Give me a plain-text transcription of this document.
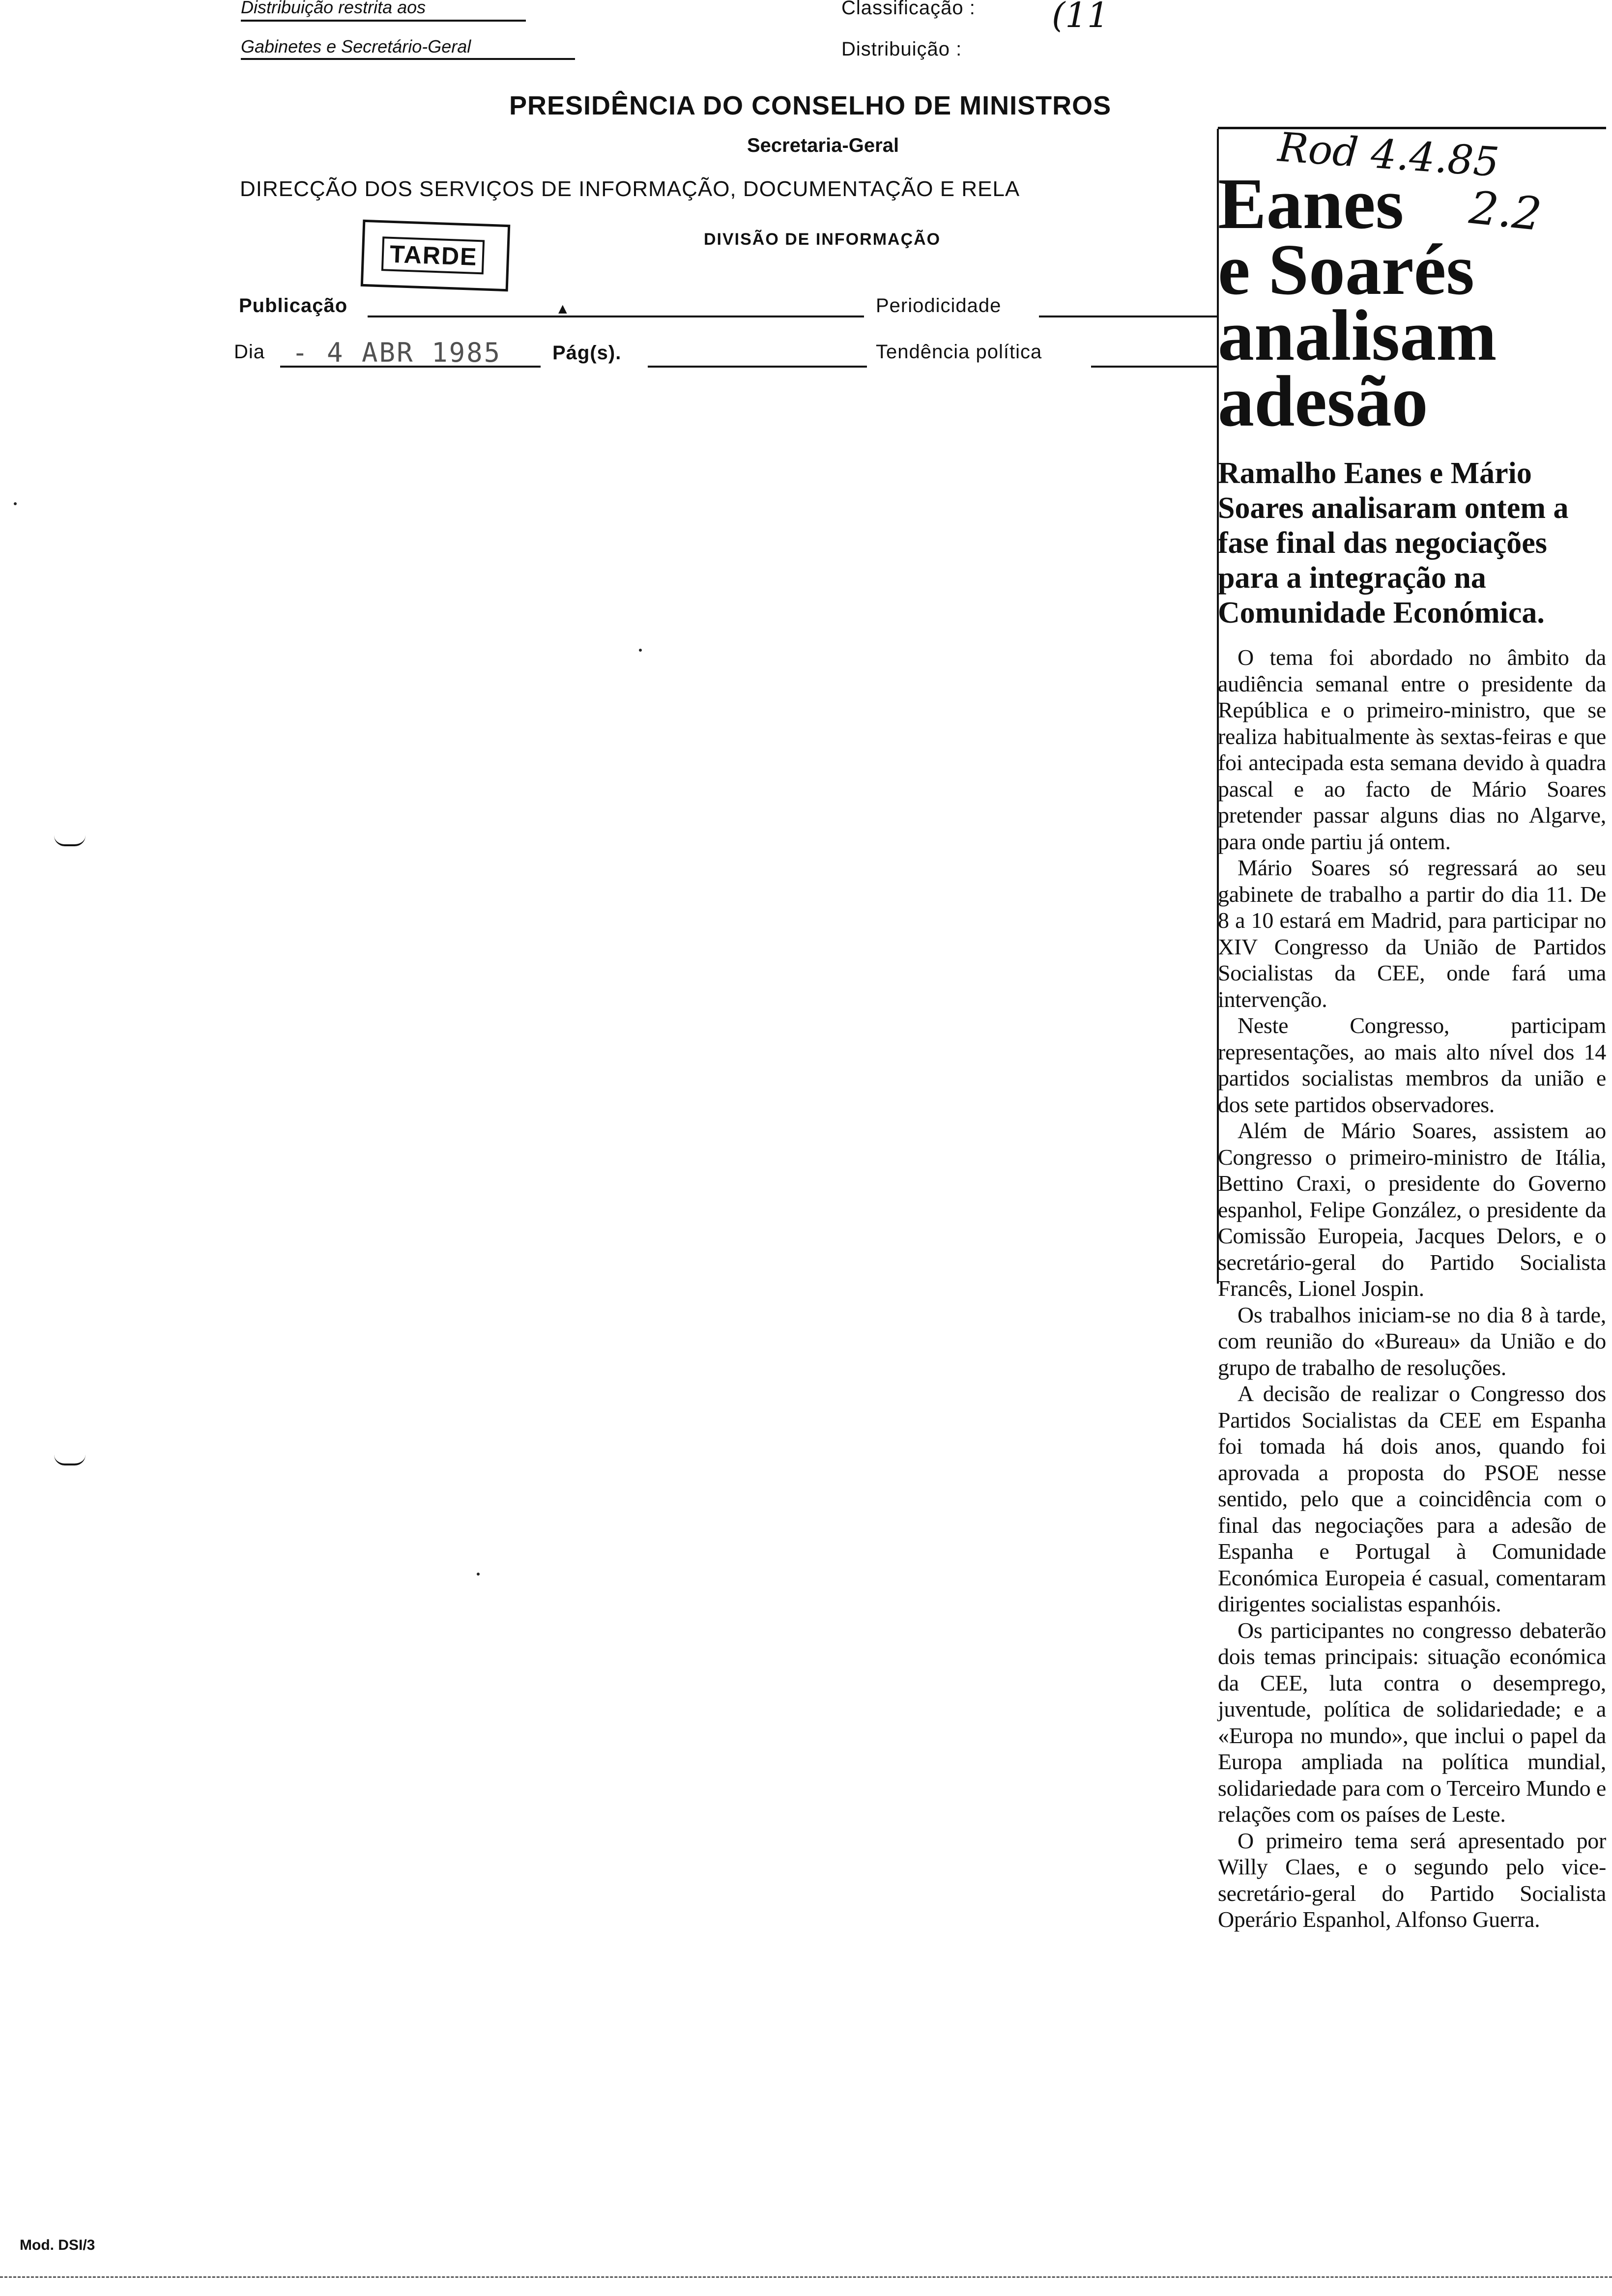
Distribuição restrita aos
Gabinetes e Secretário-Geral
Classificação : (11
Distribuição :
PRESIDÊNCIA DO CONSELHO DE MINISTROS
Secretaria-Geral
DIRECÇÃO DOS SERVIÇOS DE INFORMAÇÃO, DOCUMENTAÇÃO E RELA
DIVISÃO DE INFORMAÇÃO
TARDE
Publicação	▲	Periodicidade
Dia - 4 ABR 1985	Pág(s).	Tendência política
Rod 4.4.85
2.2

Eanes

e Soarés

analisam

adesão

Ramalho Eanes e Mário Soares analisaram ontem a fase final das negociações para a integração na Comunidade Económica.

O tema foi abordado no âmbito da audiência semanal entre o presidente da República e o primeiro-ministro, que se realiza habitualmente às sextas-feiras e que foi antecipada esta semana devido à quadra pascal e ao facto de Mário Soares pretender passar alguns dias no Algarve, para onde partiu já ontem.

Mário Soares só regressará ao seu gabinete de trabalho a partir do dia 11. De 8 a 10 estará em Madrid, para participar no XIV Congresso da União de Partidos Socialistas da CEE, onde fará uma intervenção.

Neste Congresso, participam representações, ao mais alto nível dos 14 partidos socialistas membros da união e dos sete partidos observadores.

Além de Mário Soares, assistem ao Congresso o primeiro-ministro de Itália, Bettino Craxi, o presidente do Governo espanhol, Felipe González, o presidente da Comissão Europeia, Jacques Delors, e o secretário-geral do Partido Socialista Francês, Lionel Jospin.

Os trabalhos iniciam-se no dia 8 à tarde, com reunião do «Bureau» da União e do grupo de trabalho de resoluções.

A decisão de realizar o Congresso dos Partidos Socialistas da CEE em Espanha foi tomada há dois anos, quando foi aprovada a proposta do PSOE nesse sentido, pelo que a coincidência com o final das negociações para a adesão de Espanha e Portugal à Comunidade Económica Europeia é casual, comentaram dirigentes socialistas espanhóis.

Os participantes no congresso debaterão dois temas principais: situação económica da CEE, luta contra o desemprego, juventude, política de solidariedade; e a «Europa no mundo», que inclui o papel da Europa ampliada na política mundial, solidariedade para com o Terceiro Mundo e relações com os países de Leste.

O primeiro tema será apresentado por Willy Claes, e o segundo pelo vice-secretário-geral do Partido Socialista Operário Espanhol, Alfonso Guerra.

Mod. DSI/3
